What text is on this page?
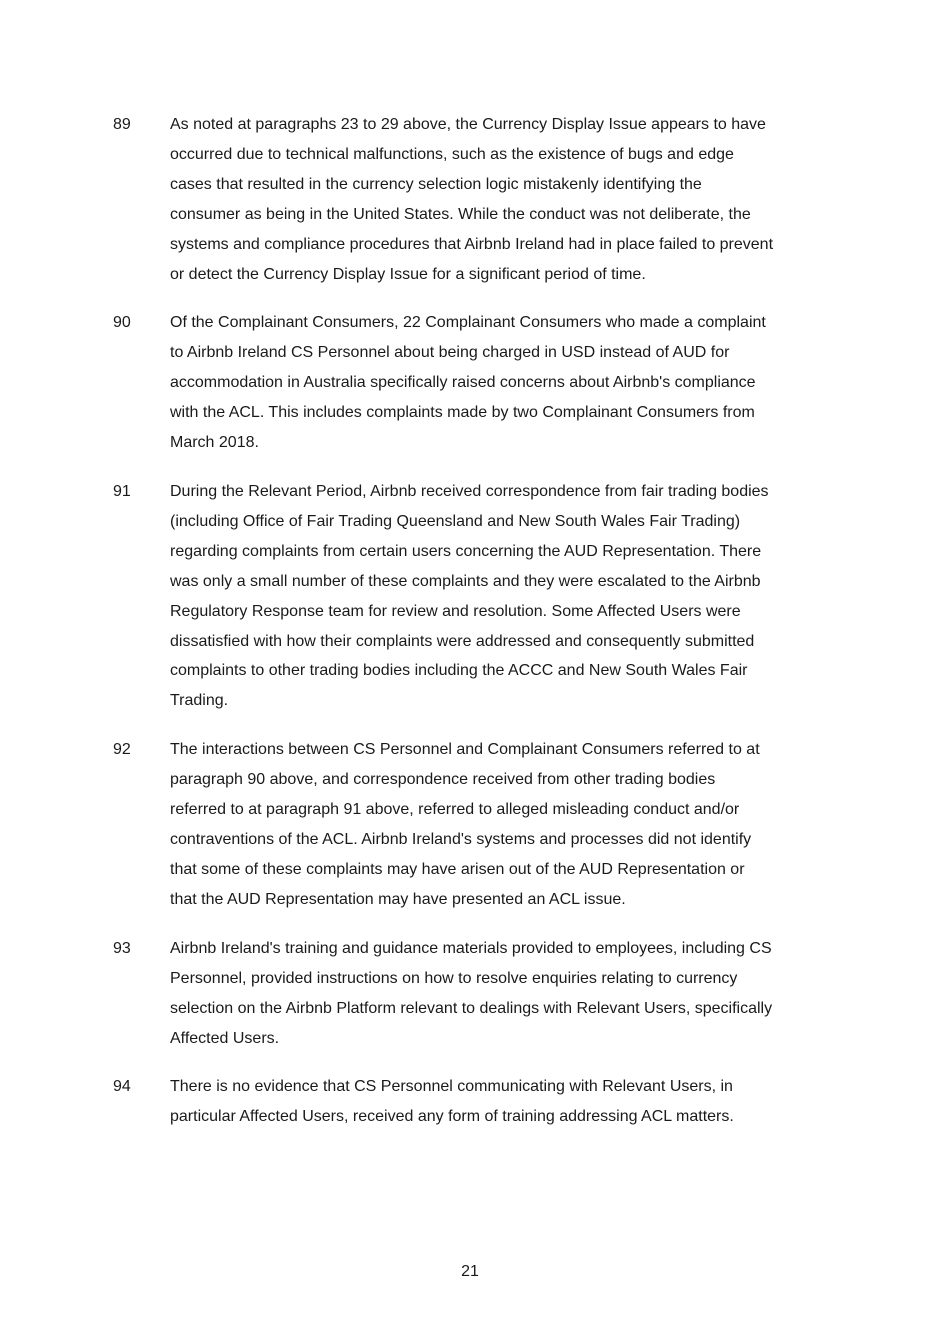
89	As noted at paragraphs 23 to 29 above, the Currency Display Issue appears to have
occurred due to technical malfunctions, such as the existence of bugs and edge
cases that resulted in the currency selection logic mistakenly identifying the
consumer as being in the United States. While the conduct was not deliberate, the
systems and compliance procedures that Airbnb Ireland had in place failed to prevent
or detect the Currency Display Issue for a significant period of time.
90	Of the Complainant Consumers, 22 Complainant Consumers who made a complaint
to Airbnb Ireland CS Personnel about being charged in USD instead of AUD for
accommodation in Australia specifically raised concerns about Airbnb's compliance
with the ACL. This includes complaints made by two Complainant Consumers from
March 2018.
91	During the Relevant Period, Airbnb received correspondence from fair trading bodies
(including Office of Fair Trading Queensland and New South Wales Fair Trading)
regarding complaints from certain users concerning the AUD Representation. There
was only a small number of these complaints and they were escalated to the Airbnb
Regulatory Response team for review and resolution. Some Affected Users were
dissatisfied with how their complaints were addressed and consequently submitted
complaints to other trading bodies including the ACCC and New South Wales Fair
Trading.
92	The interactions between CS Personnel and Complainant Consumers referred to at
paragraph 90 above, and correspondence received from other trading bodies
referred to at paragraph 91 above, referred to alleged misleading conduct and/or
contraventions of the ACL. Airbnb Ireland's systems and processes did not identify
that some of these complaints may have arisen out of the AUD Representation or
that the AUD Representation may have presented an ACL issue.
93	Airbnb Ireland's training and guidance materials provided to employees, including CS
Personnel, provided instructions on how to resolve enquiries relating to currency
selection on the Airbnb Platform relevant to dealings with Relevant Users, specifically
Affected Users.
94	There is no evidence that CS Personnel communicating with Relevant Users, in
particular Affected Users, received any form of training addressing ACL matters.
21
